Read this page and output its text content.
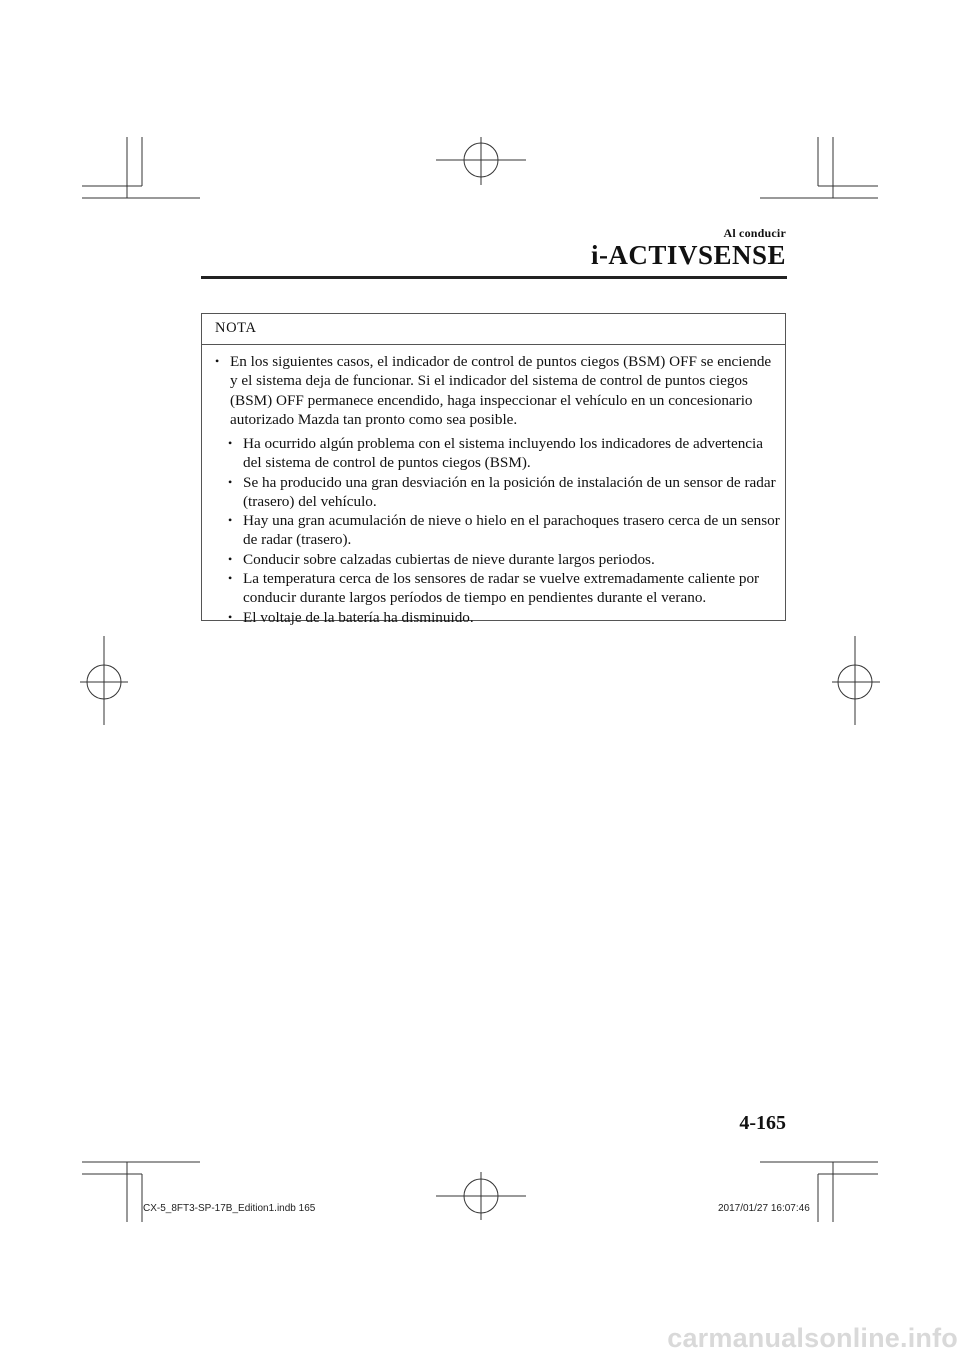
Al conducir
i-ACTIVSENSE
NOTA
• En los siguientes casos, el indicador de control de puntos ciegos (BSM) OFF se enciende y el sistema deja de funcionar. Si el indicador del sistema de control de puntos ciegos (BSM) OFF permanece encendido, haga inspeccionar el vehículo en un concesionario autorizado Mazda tan pronto como sea posible.
• Ha ocurrido algún problema con el sistema incluyendo los indicadores de advertencia del sistema de control de puntos ciegos (BSM).
• Se ha producido una gran desviación en la posición de instalación de un sensor de radar (trasero) del vehículo.
• Hay una gran acumulación de nieve o hielo en el parachoques trasero cerca de un sensor de radar (trasero).
• Conducir sobre calzadas cubiertas de nieve durante largos periodos.
• La temperatura cerca de los sensores de radar se vuelve extremadamente caliente por conducir durante largos períodos de tiempo en pendientes durante el verano.
• El voltaje de la batería ha disminuido.
4-165
CX-5_8FT3-SP-17B_Edition1.indb 165	2017/01/27 16:07:46
carmanualsonline.info
